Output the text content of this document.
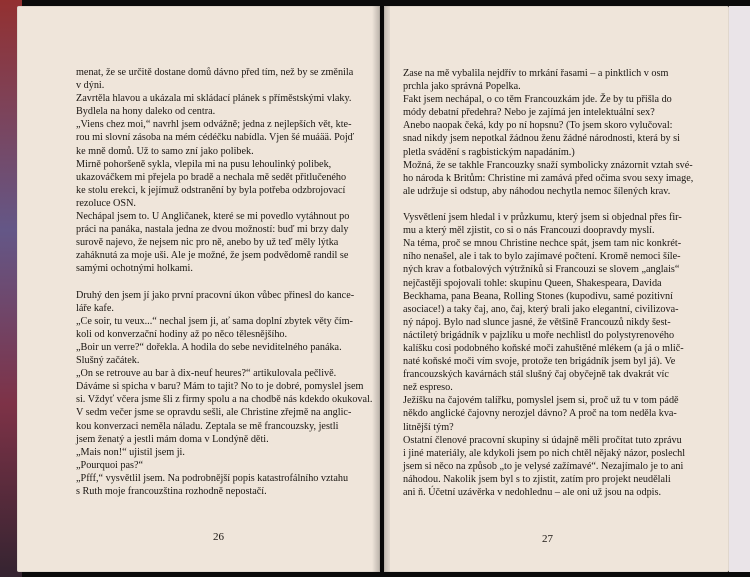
menat, že se určitě dostane domů dávno před tím, než by se změnila
v dýni.
Zavrtěla hlavou a ukázala mi skládací plánek s příměstskými vlaky.
Bydlela na hony daleko od centra.
„Viens chez moi,“ navrhl jsem odvážně; jedna z nejlepších vět, kte-
rou mi slovní zásoba na mém cédéčku nabídla. Vjen šé muáää. Pojď
ke mně domů. Už to samo zní jako polibek.
Mirně pohoršeně sykla, vlepila mi na pusu lehoulinký polibek,
ukazováčkem mi přejela po bradě a nechala mě sedět přitlučeného
ke stolu erekci, k jejímuž odstranění by byla potřeba odzbrojovací
rezoluce OSN.
Nechápal jsem to. U Angličanek, které se mi povedlo vytáhnout po
práci na panáka, nastala jedna ze dvou možností: buď mi brzy daly
surově najevo, že nejsem nic pro ně, anebo by už teď měly lýtka
zaháknutá za moje uši. Ale je možné, že jsem podvědomě randil se
samými ochotnými holkami.
Druhý den jsem jí jako první pracovní úkon vůbec přinesl do kance-
láře kafe.
„Ce soir, tu veux...“ nechal jsem ji, ať sama doplní zbytek věty čím-
koli od konverzační hodiny až po něco tělesnějšího.
„Boir un verre?“ dořekla. A hodila do sebe neviditelného panáka.
Slušný začátek.
„On se retrouve au bar à dix-neuf heures?“ artikulovala pečlivě.
Dáváme si spicha v baru? Mám to tajit? No to je dobré, pomyslel jsem
si. Vždyť včera jsme šli z firmy spolu a na chodbě nás kdekdo okukoval.
V sedm večer jsme se opravdu sešli, ale Christine zřejmě na anglic-
kou konverzaci neměla náladu. Zeptala se mě francouzsky, jestli
jsem ženatý a jestli mám doma v Londýně děti.
„Mais non!“ ujistil jsem ji.
„Pourquoi pas?“
„Pfff,“ vysvětlil jsem. Na podrobnější popis katastrofálního vztahu
s Ruth moje francouzština rozhodně nepostačí.
26
Zase na mě vybalila nejdřív to mrkání řasami – a pinktlich v osm
prchla jako správná Popelka.
Fakt jsem nechápal, o co těm Francouzkám jde. Že by tu přišla do
módy debatní předehra? Nebo je zajímá jen intelektuální sex?
Anebo naopak čeká, kdy po ní hopsnu? (To jsem skoro vylučoval:
snad nikdy jsem nepotkal žádnou ženu žádné národnosti, která by si
pletla svádění s ragbistickým napadáním.)
Možná, že se takhle Francouzky snaží symbolicky znázornit vztah své-
ho národa k Britům: Christine mi zamává před očima svou sexy image,
ale udržuje si odstup, aby náhodou nechytla nemoc šílených krav.
Vysvětlení jsem hledal i v průzkumu, který jsem si objednal přes fir-
mu a který měl zjistit, co si o nás Francouzi doopravdy myslí.
Na téma, proč se mnou Christine nechce spát, jsem tam nic konkrét-
ního nenašel, ale i tak to bylo zajímavé počtení. Kromě nemoci šíle-
ných krav a fotbalových výtržníků si Francouzi se slovem „anglais“
nejčastěji spojovali tohle: skupinu Queen, Shakespeara, Davida
Beckhama, pana Beana, Rolling Stones (kupodivu, samé pozitivní
asociace!) a taky čaj, ano, čaj, který brali jako elegantní, civilizova-
ný nápoj. Bylo nad slunce jasné, že většině Francouzů nikdy šest-
náctiletý brigádník v pajzlíku u moře nechlistl do polystyrenového
kalíšku cosi podobného koňské moči zahuštěné mlékem (a já o mlič-
naté koňské moči vím svoje, protože ten brigádník jsem byl já). Ve
francouzských kavárnách stál slušný čaj obyčejně tak dvakrát víc
než espreso.
Ježíšku na čajovém talířku, pomyslel jsem si, proč už tu v tom pádě
někdo anglické čajovny nerozjel dávno? A proč na tom neděla kva-
litnější tým?
Ostatní členové pracovní skupiny si údajně měli pročítat tuto zprávu
i jiné materiály, ale kdykoli jsem po nich chtěl nějaký názor, poslechl
jsem si něco na způsob „to je velysé zažímavé“. Nezajímalo je to ani
náhodou. Nakolik jsem byl s to zjistit, zatím pro projekt neudělali
ani ň. Účetní uzávěrka v nedohlednu – ale oni už jsou na odpis.
27
